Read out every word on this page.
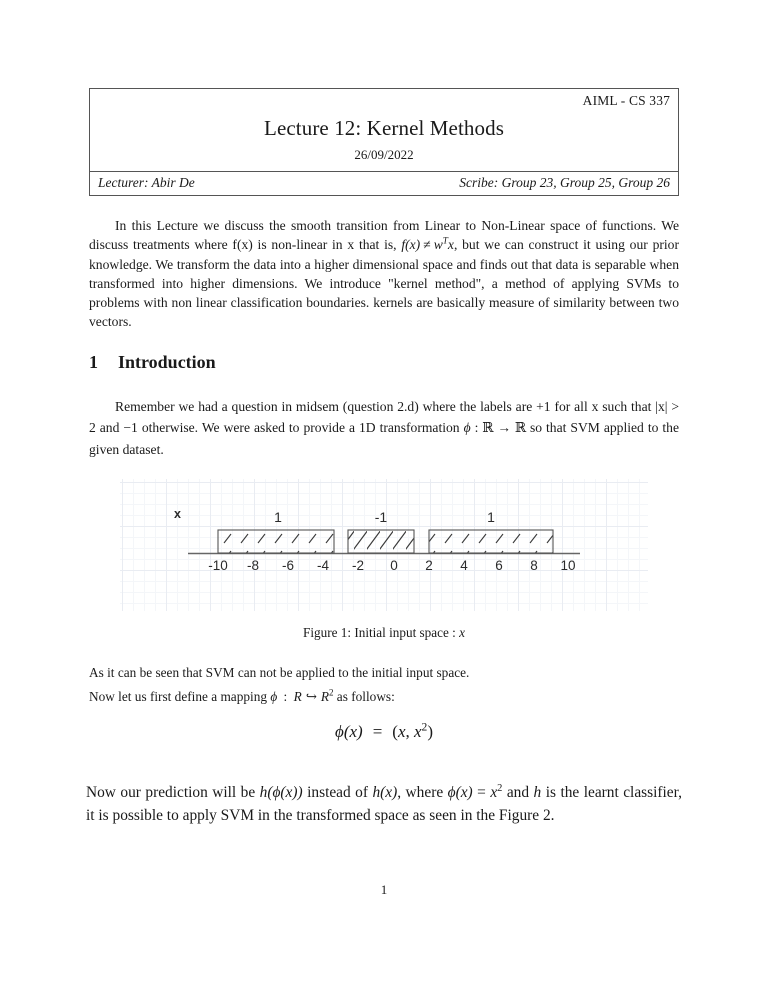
AIML - CS 337
Lecture 12: Kernel Methods
26/09/2022
Lecturer: Abir De	Scribe: Group 23, Group 25, Group 26
In this Lecture we discuss the smooth transition from Linear to Non-Linear space of functions. We discuss treatments where f(x) is non-linear in x that is, $f(x) \ne w^Tx$, but we can construct it using our prior knowledge. We transform the data into a higher dimensional space and finds out that data is separable when transformed into higher dimensions. We introduce "kernel method", a method of applying SVMs to problems with non linear classification boundaries. kernels are basically measure of similarity between two vectors.
1 Introduction
Remember we had a question in midsem (question 2.d) where the labels are +1 for all x such that |x| > 2 and −1 otherwise. We were asked to provide a 1D transformation ϕ : ℝ → ℝ so that SVM applied to the given dataset.
x	1	-1	1
-10	-8	-6	-4	-2	0	2	4	6	8	10
Figure 1: Initial input space : x
As it can be seen that SVM can not be applied to the initial input space.
Now let us first define a mapping ϕ : R ↪ $R^2$ as follows:
ϕ(x) = (x, $x^2$)
Now our prediction will be h(ϕ(x)) instead of h(x), where $\phi(x) = x^2$ and h is the learnt classifier, it is possible to apply SVM in the transformed space as seen in the Figure 2.
1
